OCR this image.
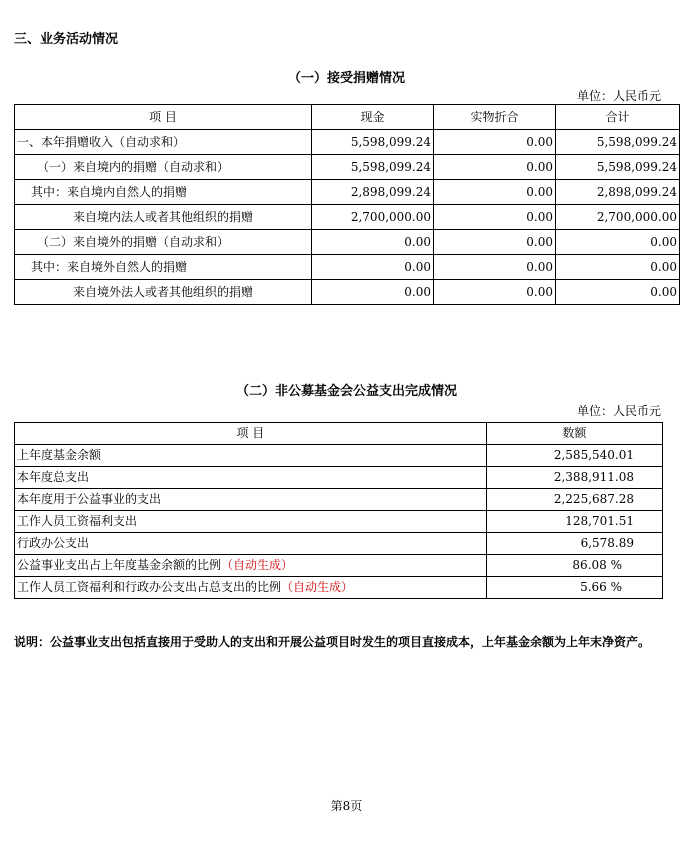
三、业务活动情况
（一）接受捐赠情况
单位：人民币元
项 目	现金	实物折合	合计
一、本年捐赠收入（自动求和）	5,598,099.24	0.00	5,598,099.24
（一）来自境内的捐赠（自动求和）	5,598,099.24	0.00	5,598,099.24
其中：来自境内自然人的捐赠	2,898,099.24	0.00	2,898,099.24
来自境内法人或者其他组织的捐赠	2,700,000.00	0.00	2,700,000.00
（二）来自境外的捐赠（自动求和）	0.00	0.00	0.00
其中：来自境外自然人的捐赠	0.00	0.00	0.00
来自境外法人或者其他组织的捐赠	0.00	0.00	0.00
（二）非公募基金会公益支出完成情况
单位：人民币元
项 目	数额
上年度基金余额	2,585,540.01
本年度总支出	2,388,911.08
本年度用于公益事业的支出	2,225,687.28
工作人员工资福利支出	128,701.51
行政办公支出	6,578.89
公益事业支出占上年度基金余额的比例（自动生成）	86.08 %
工作人员工资福利和行政办公支出占总支出的比例（自动生成）	5.66 %
说明：公益事业支出包括直接用于受助人的支出和开展公益项目时发生的项目直接成本，上年基金余额为上年末净资产。
第8页
